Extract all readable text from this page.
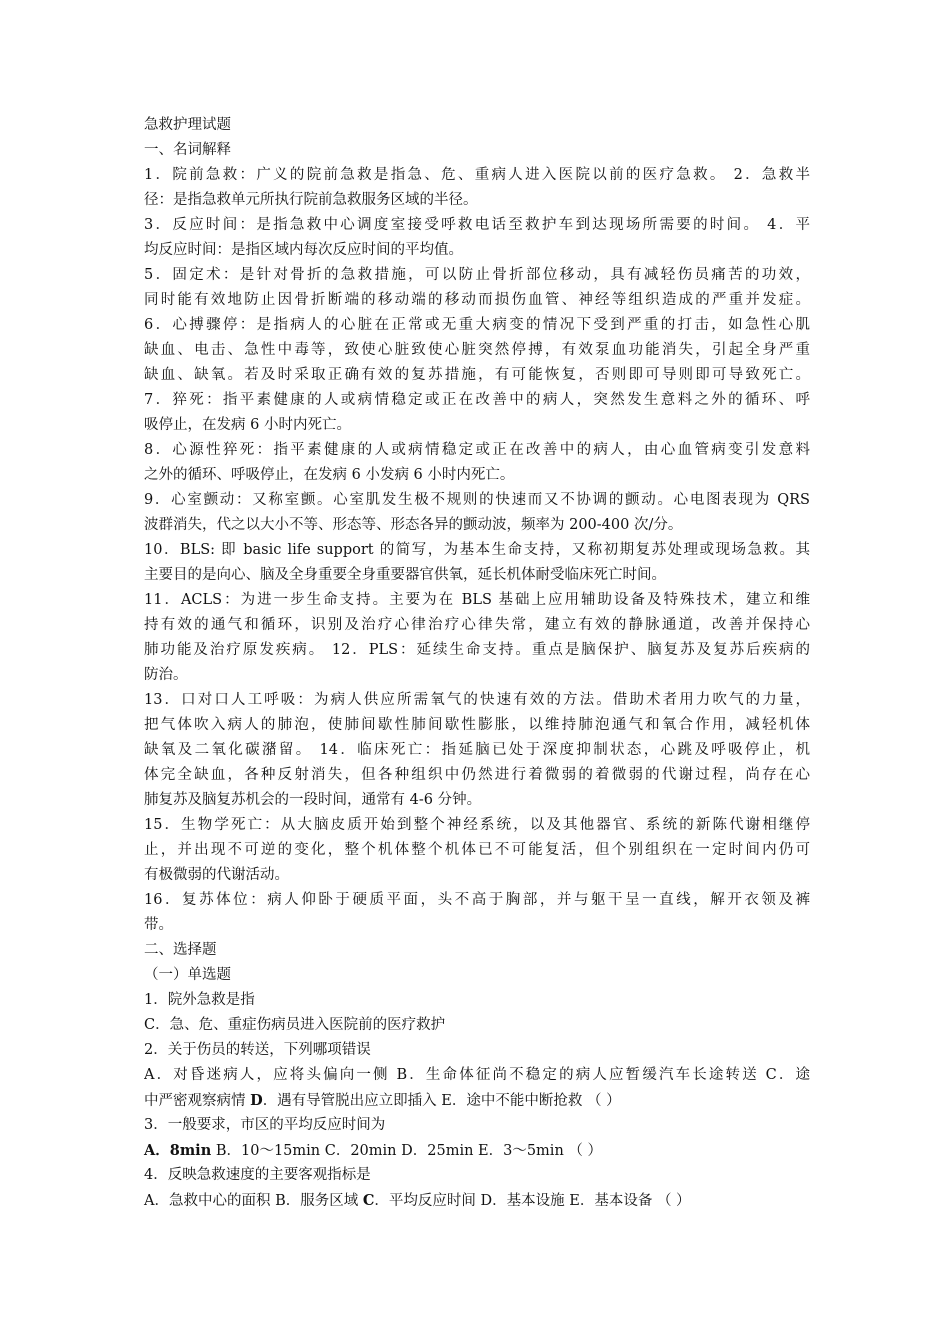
急救护理试题
一、名词解释
1．院前急救：广义的院前急救是指急、危、重病人进入医院以前的医疗急救。 2．急救半
径：是指急救单元所执行院前急救服务区域的半径。
3．反应时间：是指急救中心调度室接受呼救电话至救护车到达现场所需要的时间。 4．平
均反应时间：是指区域内每次反应时间的平均值。
5．固定术：是针对骨折的急救措施，可以防止骨折部位移动，具有减轻伤员痛苦的功效，
同时能有效地防止因骨折断端的移动端的移动而损伤血管、神经等组织造成的严重并发症。
6．心搏骤停：是指病人的心脏在正常或无重大病变的情况下受到严重的打击，如急性心肌
缺血、电击、急性中毒等，致使心脏致使心脏突然停搏，有效泵血功能消失，引起全身严重
缺血、缺氧。若及时采取正确有效的复苏措施，有可能恢复，否则即可导则即可导致死亡。
7．猝死：指平素健康的人或病情稳定或正在改善中的病人，突然发生意料之外的循环、呼
吸停止，在发病 6 小时内死亡。
8．心源性猝死：指平素健康的人或病情稳定或正在改善中的病人，由心血管病变引发意料
之外的循环、呼吸停止，在发病 6 小发病 6 小时内死亡。
9．心室颤动：又称室颤。心室肌发生极不规则的快速而又不协调的颤动。心电图表现为 QRS
波群消失，代之以大小不等、形态等、形态各异的颤动波，频率为 200-400 次/分。
10．BLS: 即 basic life support 的简写，为基本生命支持，又称初期复苏处理或现场急救。其
主要目的是向心、脑及全身重要全身重要器官供氧，延长机体耐受临床死亡时间。
11．ACLS：为进一步生命支持。主要为在 BLS 基础上应用辅助设备及特殊技术，建立和维
持有效的通气和循环，识别及治疗心律治疗心律失常，建立有效的静脉通道，改善并保持心
肺功能及治疗原发疾病。 12．PLS：延续生命支持。重点是脑保护、脑复苏及复苏后疾病的
防治。
13．口对口人工呼吸：为病人供应所需氧气的快速有效的方法。借助术者用力吹气的力量，
把气体吹入病人的肺泡，使肺间歇性肺间歇性膨胀，以维持肺泡通气和氧合作用，减轻机体
缺氧及二氧化碳潴留。 14．临床死亡：指延脑已处于深度抑制状态，心跳及呼吸停止，机
体完全缺血，各种反射消失，但各种组织中仍然进行着微弱的着微弱的代谢过程，尚存在心
肺复苏及脑复苏机会的一段时间，通常有 4-6 分钟。
15．生物学死亡：从大脑皮质开始到整个神经系统，以及其他器官、系统的新陈代谢相继停
止，并出现不可逆的变化，整个机体整个机体已不可能复活，但个别组织在一定时间内仍可
有极微弱的代谢活动。
16．复苏体位：病人仰卧于硬质平面，头不高于胸部，并与躯干呈一直线，解开衣领及裤
带。
二、选择题
（一）单选题
1．院外急救是指
C．急、危、重症伤病员进入医院前的医疗救护
2．关于伤员的转送，下列哪项错误
A．对昏迷病人，应将头偏向一侧 B．生命体征尚不稳定的病人应暂缓汽车长途转送 C．途
中严密观察病情 D．遇有导管脱出应立即插入 E．途中不能中断抢救 （ ）
3．一般要求，市区的平均反应时间为
A．8min B．10～15min C．20min D．25min E．3～5min （ ）
4．反映急救速度的主要客观指标是
A．急救中心的面积 B．服务区域 C．平均反应时间 D．基本设施 E．基本设备 （ ）
